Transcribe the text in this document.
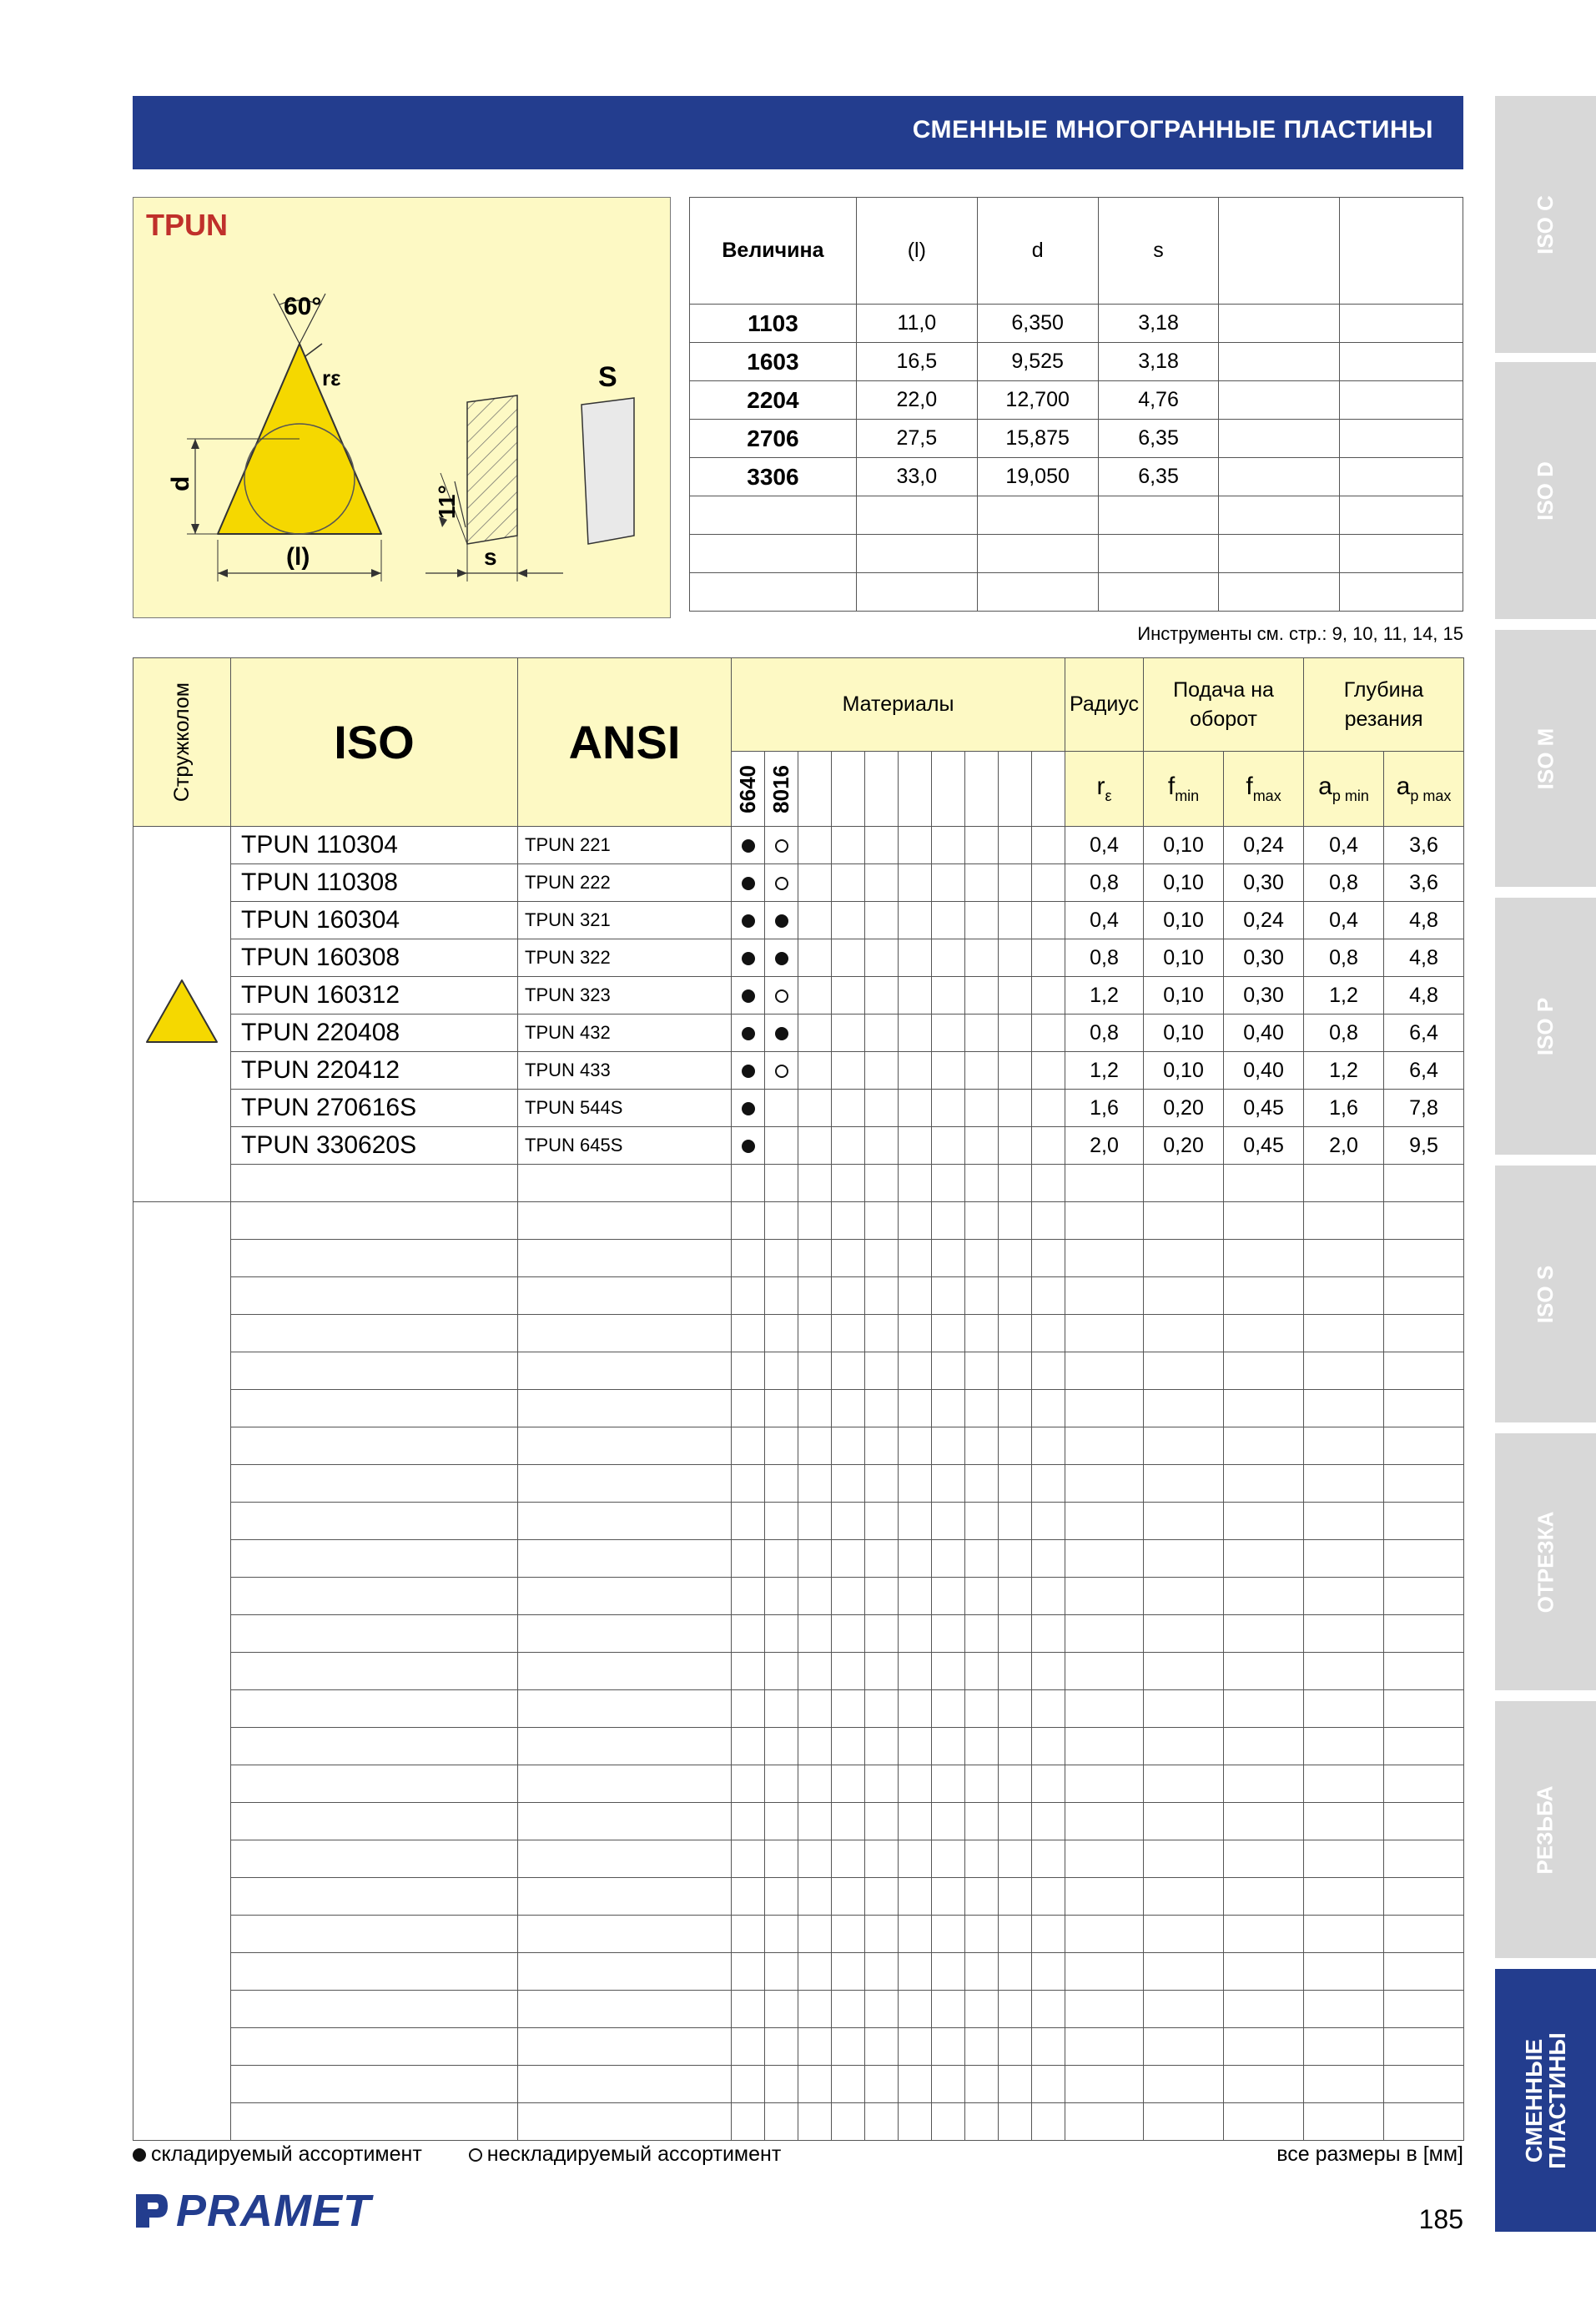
СМЕННЫЕ МНОГОГРАННЫЕ ПЛАСТИНЫ
ISO C
ISO D
ISO M
ISO P
ISO S
ОТРЕЗКА
РЕЗЬБА
СМЕННЫЕ ПЛАСТИНЫ
TPUN
60°
rε
d
(l)	s
11°
S
Величина	(l)	d	s		
1103	11,0	6,350	3,18		
1603	16,5	9,525	3,18		
2204	22,0	12,700	4,76		
2706	27,5	15,875	6,35		
3306	33,0	19,050	6,35		

Инструменты см. стр.: 9, 10, 11, 14, 15
Стружколом	ISO	ANSI	Материалы										Радиус	Подача на оборот		Глубина резания	

			6640	8016									rε	fmin	fmax	ap min	ap max
	TPUN 110304	TPUN 221											0,4	0,10	0,24	0,4	3,6
	TPUN 110308	TPUN 222											0,8	0,10	0,30	0,8	3,6
	TPUN 160304	TPUN 321											0,4	0,10	0,24	0,4	4,8
	TPUN 160308	TPUN 322											0,8	0,10	0,30	0,8	4,8
	TPUN 160312	TPUN 323											1,2	0,10	0,30	1,2	4,8
	TPUN 220408	TPUN 432											0,8	0,10	0,40	0,8	6,4
	TPUN 220412	TPUN 433											1,2	0,10	0,40	1,2	6,4
	TPUN 270616S	TPUN 544S											1,6	0,20	0,45	1,6	7,8
	TPUN 330620S	TPUN 645S											2,0	0,20	0,45	2,0	9,5

складируемый ассортимент	нескладируемый ассортимент	все размеры в [мм]
PRAMET	185
